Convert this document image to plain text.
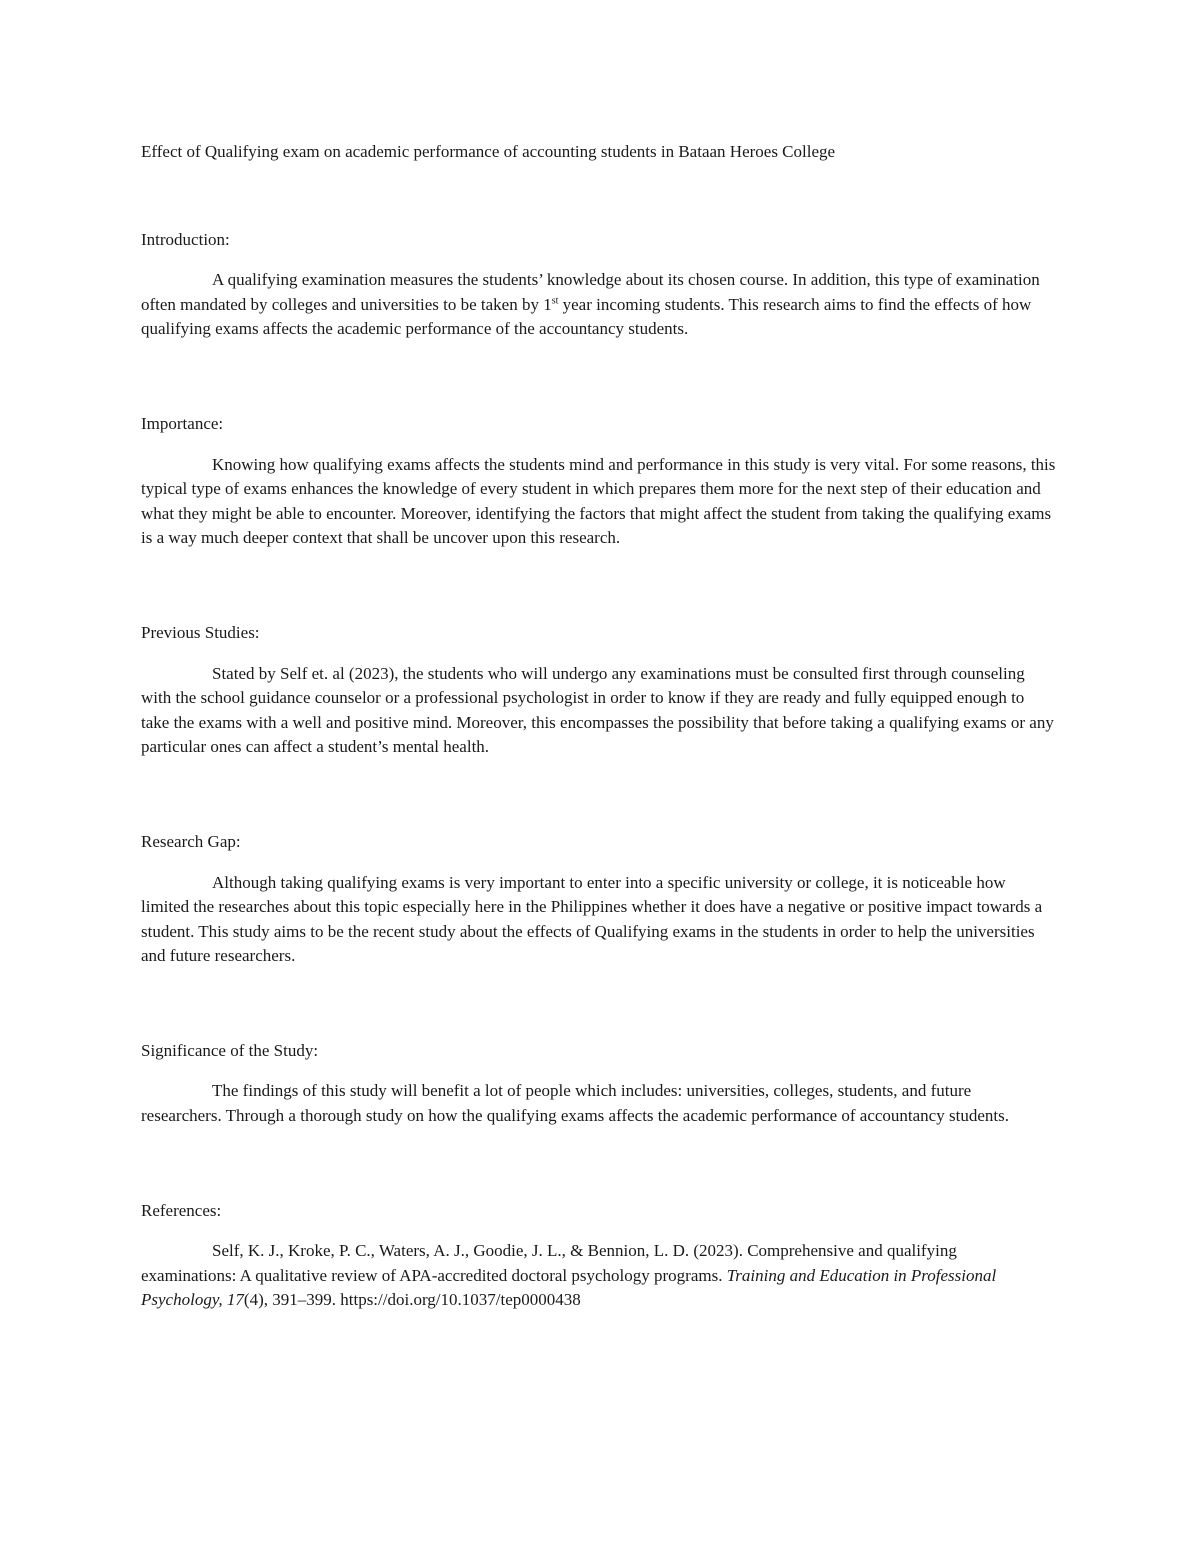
Effect of Qualifying exam on academic performance of accounting students in Bataan Heroes College

Introduction:

A qualifying examination measures the students’ knowledge about its chosen course. In addition, this type of examination often mandated by colleges and universities to be taken by 1st year incoming students. This research aims to find the effects of how qualifying exams affects the academic performance of the accountancy students.

Importance:

Knowing how qualifying exams affects the students mind and performance in this study is very vital. For some reasons, this typical type of exams enhances the knowledge of every student in which prepares them more for the next step of their education and what they might be able to encounter. Moreover, identifying the factors that might affect the student from taking the qualifying exams is a way much deeper context that shall be uncover upon this research.

Previous Studies:

Stated by Self et. al (2023), the students who will undergo any examinations must be consulted first through counseling with the school guidance counselor or a professional psychologist in order to know if they are ready and fully equipped enough to take the exams with a well and positive mind. Moreover, this encompasses the possibility that before taking a qualifying exams or any particular ones can affect a student’s mental health.

Research Gap:

Although taking qualifying exams is very important to enter into a specific university or college, it is noticeable how limited the researches about this topic especially here in the Philippines whether it does have a negative or positive impact towards a student. This study aims to be the recent study about the effects of Qualifying exams in the students in order to help the universities and future researchers.

Significance of the Study:

The findings of this study will benefit a lot of people which includes: universities, colleges, students, and future researchers. Through a thorough study on how the qualifying exams affects the academic performance of accountancy students.

References:

Self, K. J., Kroke, P. C., Waters, A. J., Goodie, J. L., & Bennion, L. D. (2023). Comprehensive and qualifying examinations: A qualitative review of APA-accredited doctoral psychology programs. Training and Education in Professional Psychology, 17(4), 391–399. https://doi.org/10.1037/tep0000438
